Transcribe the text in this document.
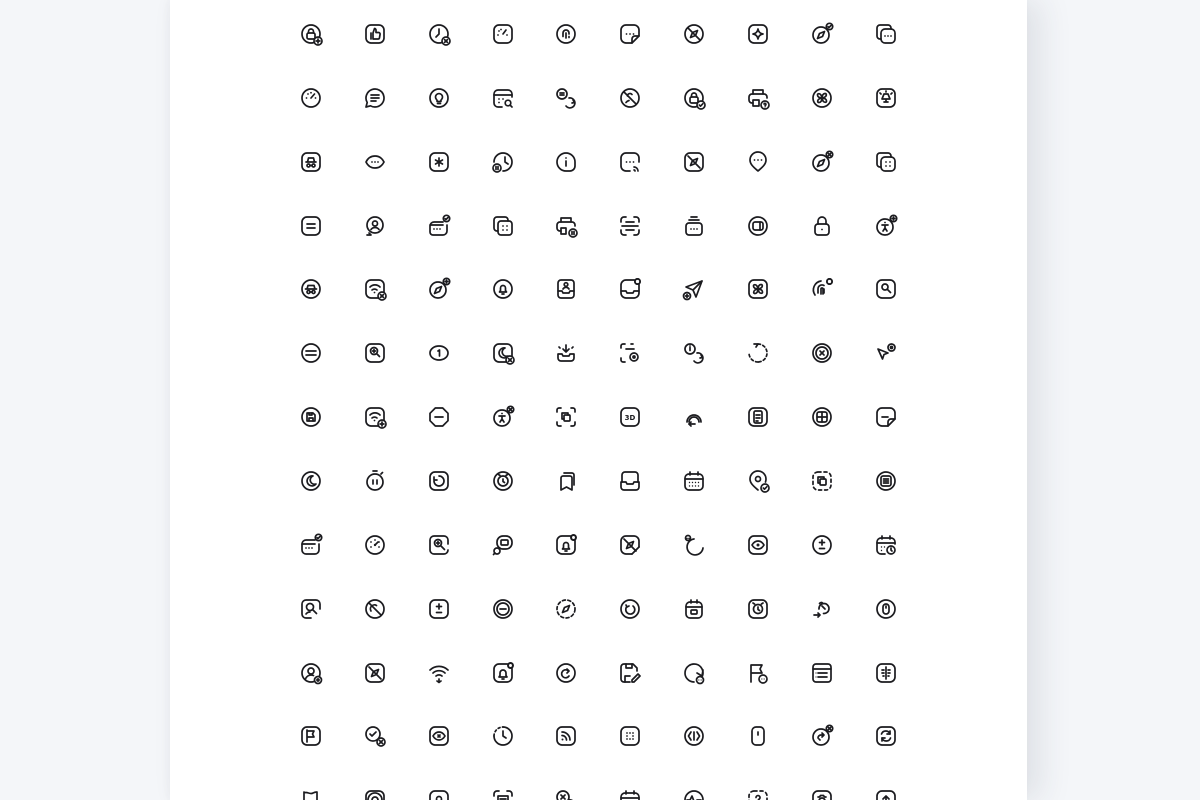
3D
